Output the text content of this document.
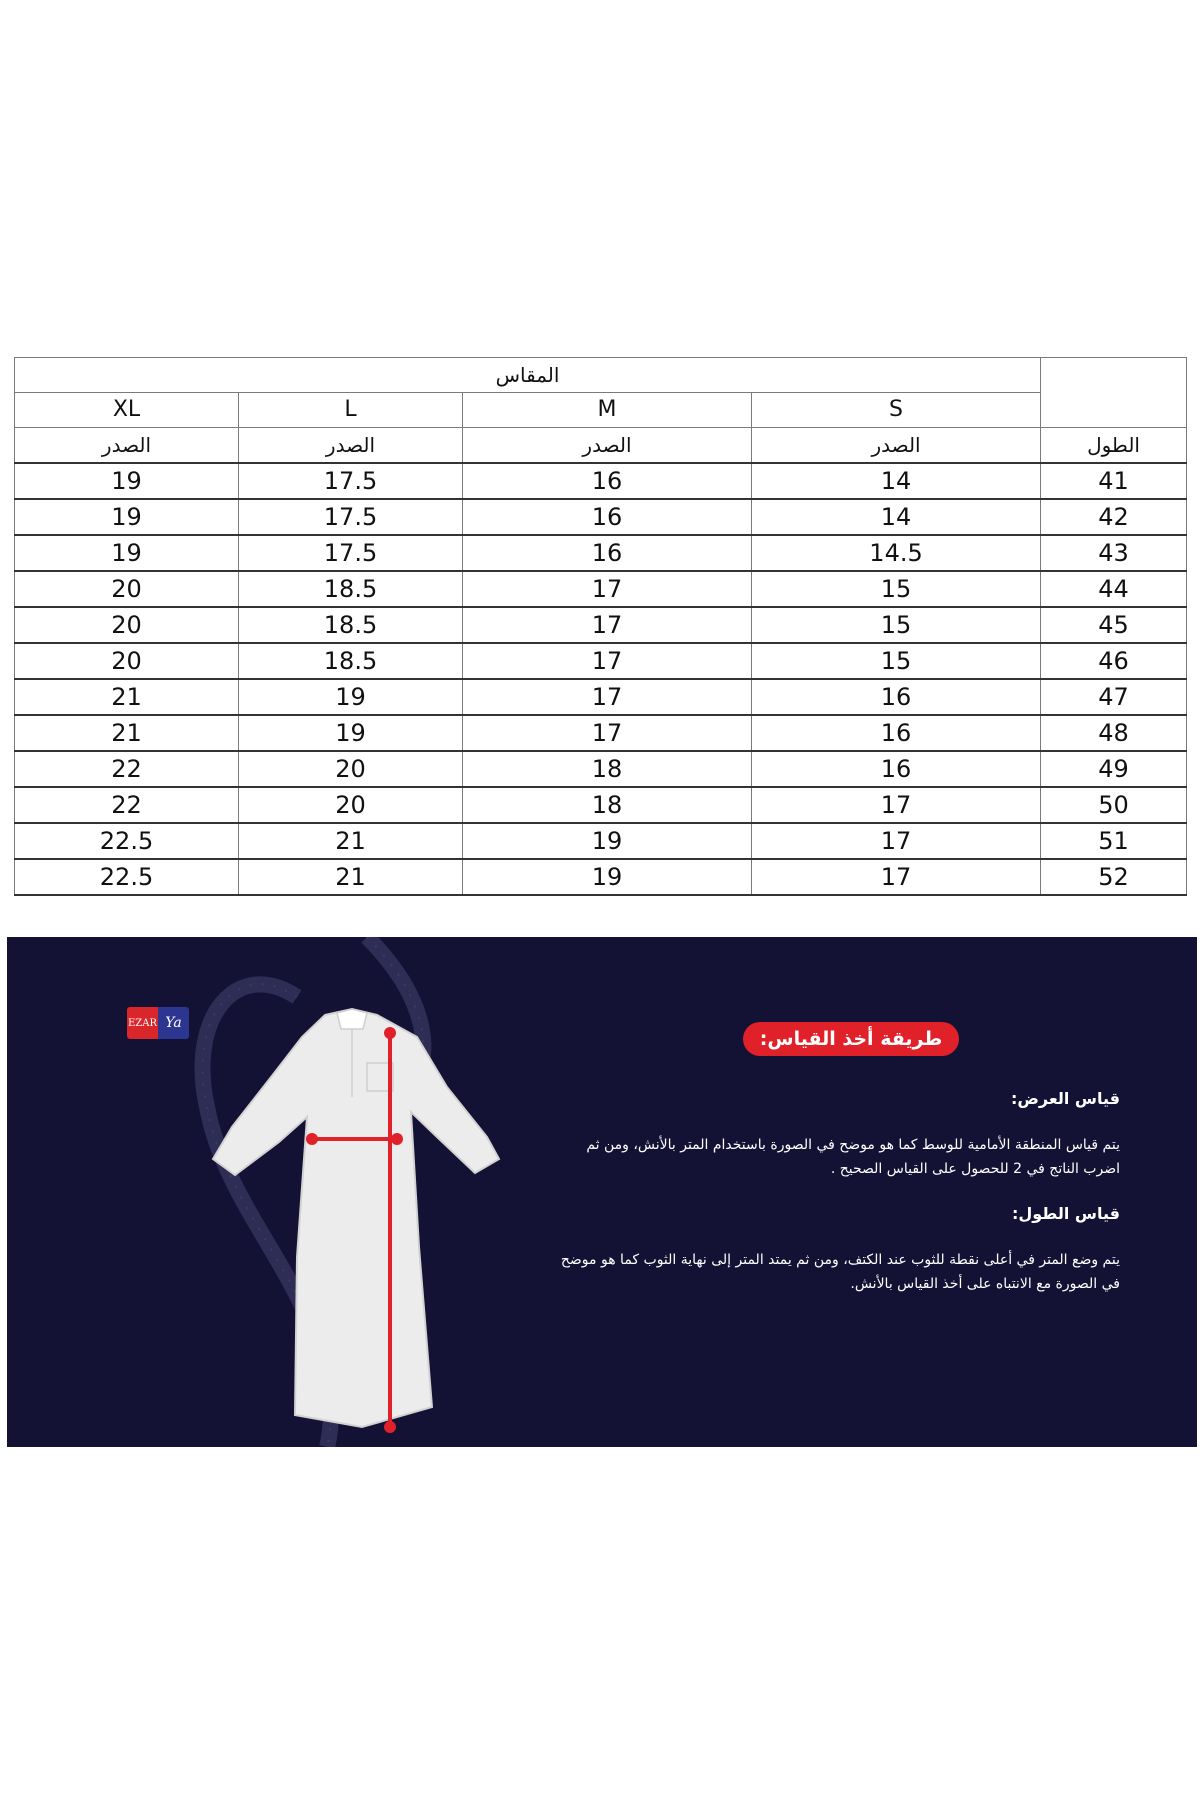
المقاس				
XL	L	M	S	
الصدر	الصدر	الصدر	الصدر	الطول
19	17.5	16	14	41
19	17.5	16	14	42
19	17.5	16	14.5	43
20	18.5	17	15	44
20	18.5	17	15	45
20	18.5	17	15	46
21	19	17	16	47
21	19	17	16	48
22	20	18	16	49
22	20	18	17	50
22.5	21	19	17	51
22.5	21	19	17	52
EZAR Ya
طريقة أخذ القياس:
قياس العرض:
يتم قياس المنطقة الأمامية للوسط كما هو موضح في الصورة باستخدام المتر بالأنش، ومن ثم اضرب الناتج في 2 للحصول على القياس الصحيح .
قياس الطول:
يتم وضع المتر في أعلى نقطة للثوب عند الكتف، ومن ثم يمتد المتر إلى نهاية الثوب كما هو موضح في الصورة مع الانتباه على أخذ القياس بالأنش.
